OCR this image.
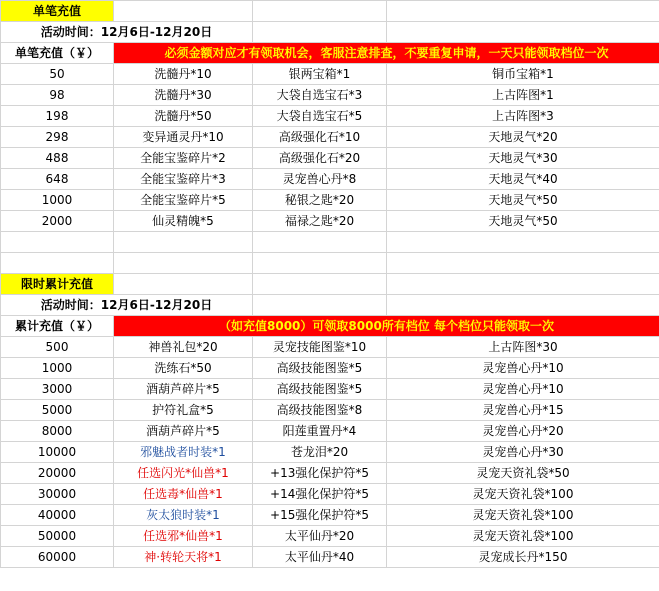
单笔充值			
活动时间：12月6日-12月20日			
单笔充值（￥）	必须金额对应才有领取机会，客服注意排查，不要重复申请，一天只能领取档位一次		
50	洗髓丹*10	银两宝箱*1	铜币宝箱*1
98	洗髓丹*30	大袋自选宝石*3	上古阵图*1
198	洗髓丹*50	大袋自选宝石*5	上古阵图*3
298	变异通灵丹*10	高级强化石*10	天地灵气*20
488	全能宝鉴碎片*2	高级强化石*20	天地灵气*30
648	全能宝鉴碎片*3	灵宠兽心丹*8	天地灵气*40
1000	全能宝鉴碎片*5	秘银之匙*20	天地灵气*50
2000	仙灵精魄*5	福禄之匙*20	天地灵气*50

限时累计充值			
活动时间：12月6日-12月20日			
累计充值（￥）	（如充值8000）可领取8000所有档位 每个档位只能领取一次		
500	神兽礼包*20	灵宠技能图鉴*10	上古阵图*30
1000	洗练石*50	高级技能图鉴*5	灵宠兽心丹*10
3000	酒葫芦碎片*5	高级技能图鉴*5	灵宠兽心丹*10
5000	护符礼盒*5	高级技能图鉴*8	灵宠兽心丹*15
8000	酒葫芦碎片*5	阳莲重置丹*4	灵宠兽心丹*20
10000	邪魅战者时装*1	苍龙泪*20	灵宠兽心丹*30
20000	任选闪光*仙兽*1	+13强化保护符*5	灵宠天资礼袋*50
30000	任选毒*仙兽*1	+14强化保护符*5	灵宠天资礼袋*100
40000	灰太狼时装*1	+15强化保护符*5	灵宠天资礼袋*100
50000	任选邪*仙兽*1	太平仙丹*20	灵宠天资礼袋*100
60000	神·转轮天将*1	太平仙丹*40	灵宠成长丹*150
